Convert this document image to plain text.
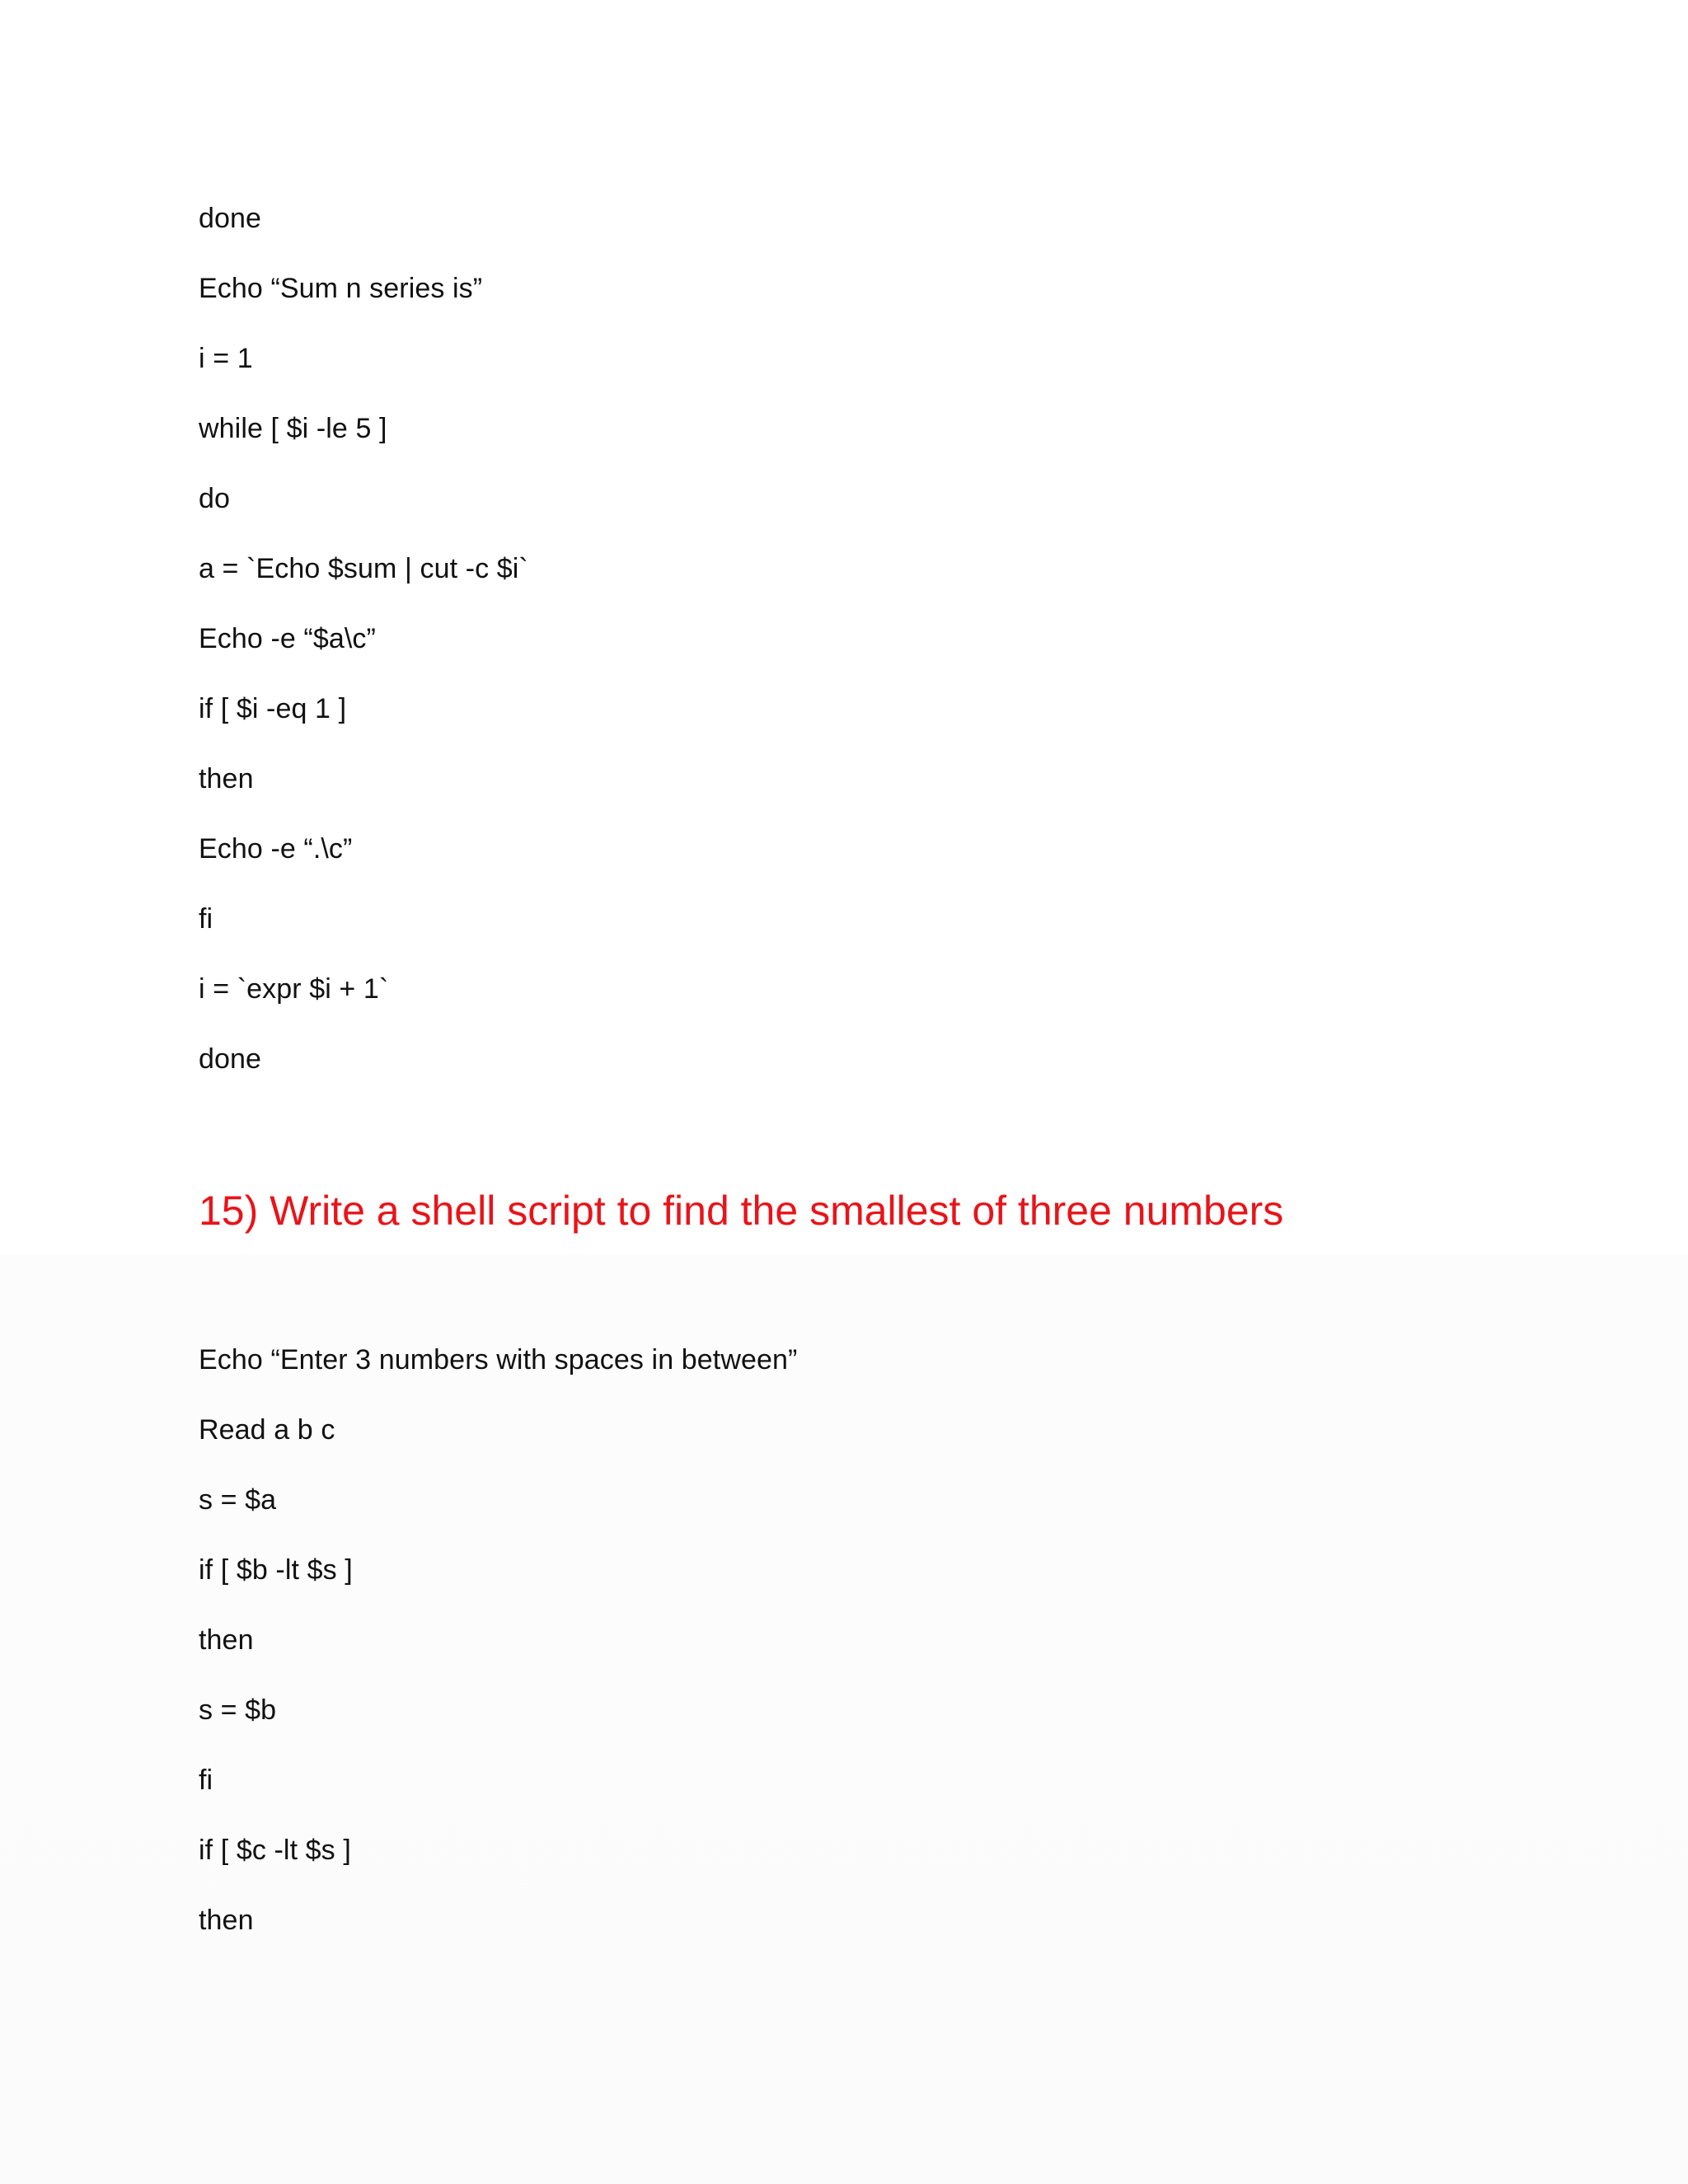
done
Echo “Sum n series is”
i = 1
while [ $i -le 5 ]
do
a = `Echo $sum | cut -c $i`
Echo -e “$a\c”
if [ $i -eq 1 ]
then
Echo -e “.\c”
fi
i = `expr $i + 1`
done
15) Write a shell script to find the smallest of three numbers
Echo “Enter 3 numbers with spaces in between”
Read a b c
s = $a
if [ $b -lt $s ]
then
s = $b
fi
if [ $c -lt $s ]
then
